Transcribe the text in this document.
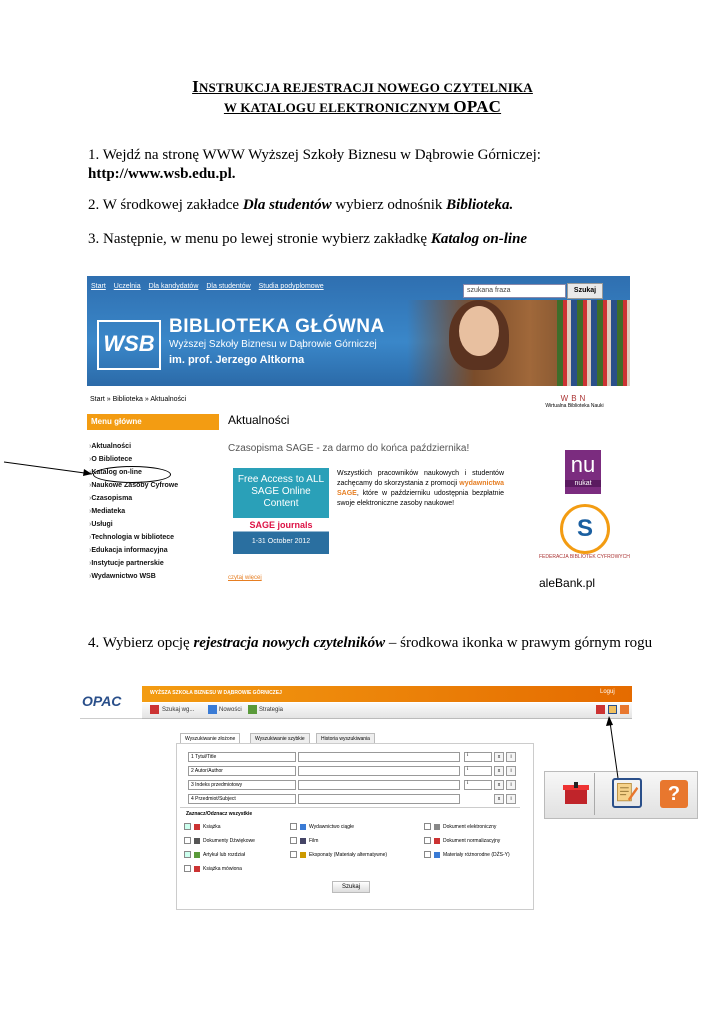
INSTRUKCJA REJESTRACJI NOWEGO CZYTELNIKA
W KATALOGU ELEKTRONICZNYM OPAC
1. Wejdź na stronę WWW Wyższej Szkoły Biznesu w Dąbrowie Górniczej:
http://www.wsb.edu.pl.
2. W środkowej zakładce Dla studentów wybierz odnośnik Biblioteka.
3. Następnie, w menu po lewej stronie wybierz zakładkę Katalog on-line
Start Uczelnia Dla kandydatów Dla studentów Studia podyplomowe
szukana fraza	Szukaj
WSB
BIBLIOTEKA GŁÓWNA
Wyższej Szkoły Biznesu w Dąbrowie Górniczej
im. prof. Jerzego Altkorna
Start » Biblioteka » Aktualności
Menu główne
› Aktualności
› O Bibliotece
› Katalog on-line
› Naukowe Zasoby Cyfrowe
› Czasopisma
› Mediateka
› Usługi
› Technologia w bibliotece
› Edukacja informacyjna
› Instytucje partnerskie
› Wydawnictwo WSB
Aktualności
Czasopisma SAGE - za darmo do końca października!
Free Access to ALL SAGE Online Content
SAGE journals
1-31 October 2012
Wszystkich pracowników naukowych i studentów zachęcamy do skorzystania z promocji wydawnictwa SAGE, które w październiku udostępnia bezpłatnie swoje elektroniczne zasoby naukowe!
czytaj więcej
WBN
Wirtualna Biblioteka Nauki
nu
nukat
S
FEDERACJA BIBLIOTEK CYFROWYCH
aleBank.pl
4. Wybierz opcję rejestracja nowych czytelników – środkowa ikonka w prawym górnym rogu
OPAC	WYŻSZA SZKOŁA BIZNESU W DĄBROWIE GÓRNICZEJ	Loguj
Szukaj wg...	Nowości	Strategia
Wyszukiwanie złożone	Wyszukiwanie szybkie	Historia wyszukiwania
1 Tytuł/Title	i	x	i
2 Autor/Author	i	x	i
3 Indeks przedmiotowy	i	x	i
4 Przedmiot/Subject	x	i
Zaznacz/Odznacz wszystkie
Książka	Wydawnictwo ciągłe	Dokument elektroniczny
Dokumenty Dźwiękowe	Film	Dokument normalizacyjny
Artykuł lub rozdział	Eksponaty (Materiały alternatywne)	Materiały różnorodne (DŻS-Y)
Książka mówiona
Szukaj
?
